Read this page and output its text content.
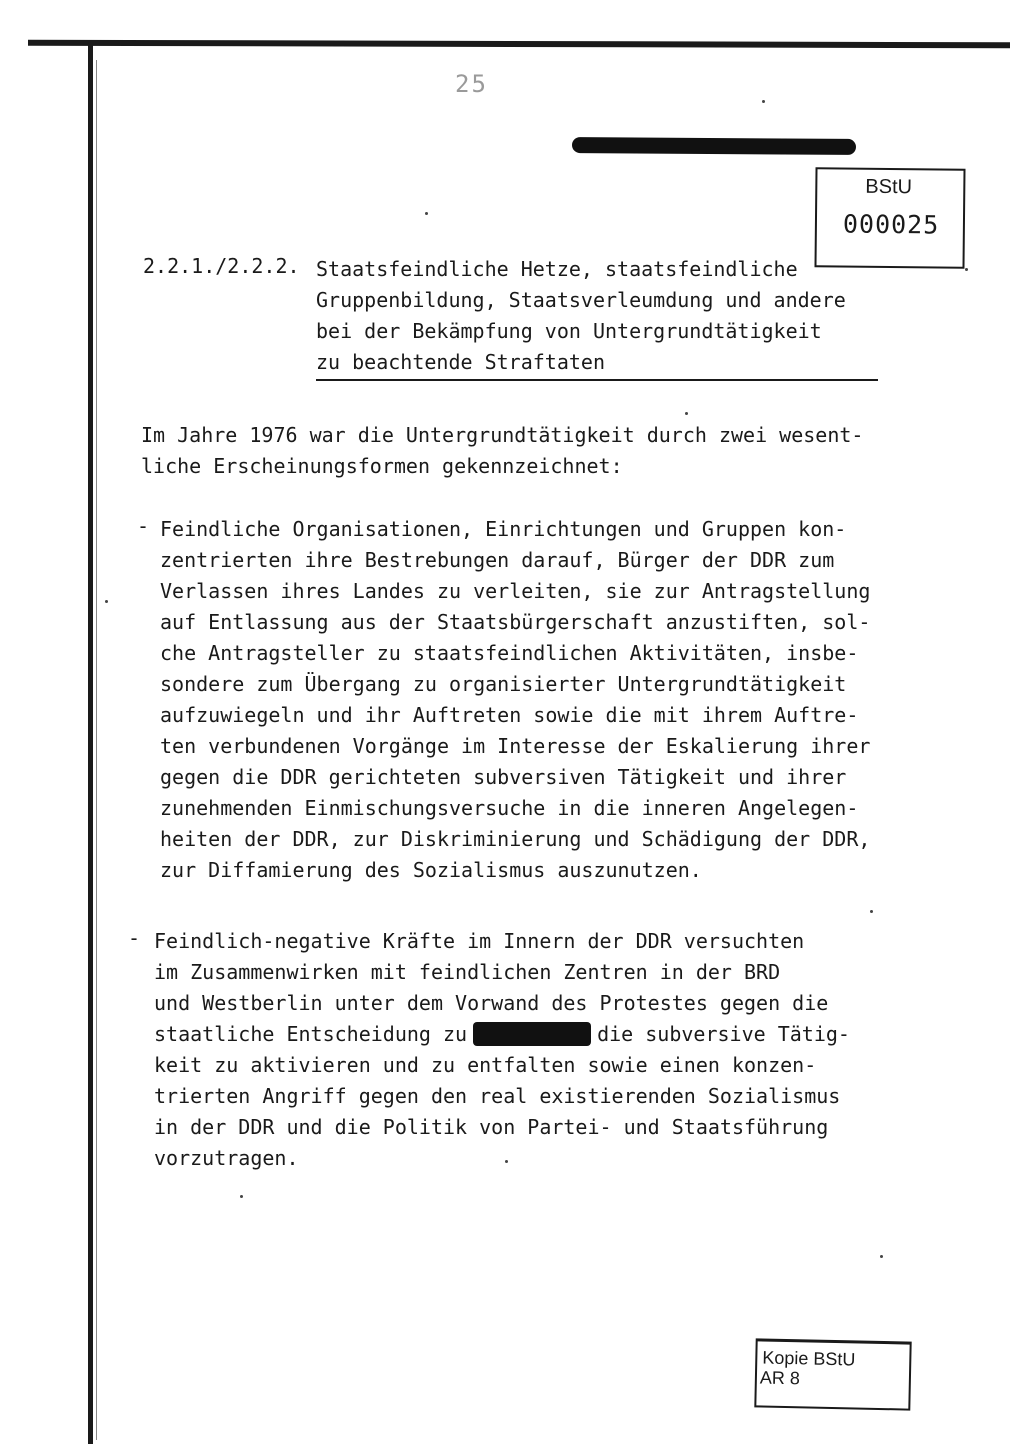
25
BStU
000025
2.2.1./2.2.2. Staatsfeindliche Hetze, staatsfeindliche
Gruppenbildung, Staatsverleumdung und andere
bei der Bekämpfung von Untergrundtätigkeit
zu beachtende Straftaten
Im Jahre 1976 war die Untergrundtätigkeit durch zwei wesent-
liche Erscheinungsformen gekennzeichnet:
- Feindliche Organisationen, Einrichtungen und Gruppen kon-
zentrierten ihre Bestrebungen darauf, Bürger der DDR zum
Verlassen ihres Landes zu verleiten, sie zur Antragstellung
auf Entlassung aus der Staatsbürgerschaft anzustiften, sol-
che Antragsteller zu staatsfeindlichen Aktivitäten, insbe-
sondere zum Übergang zu organisierter Untergrundtätigkeit
aufzuwiegeln und ihr Auftreten sowie die mit ihrem Auftre-
ten verbundenen Vorgänge im Interesse der Eskalierung ihrer
gegen die DDR gerichteten subversiven Tätigkeit und ihrer
zunehmenden Einmischungsversuche in die inneren Angelegen-
heiten der DDR, zur Diskriminierung und Schädigung der DDR,
zur Diffamierung des Sozialismus auszunutzen.
- Feindlich-negative Kräfte im Innern der DDR versuchten
im Zusammenwirken mit feindlichen Zentren in der BRD
und Westberlin unter dem Vorwand des Protestes gegen die
staatliche Entscheidung zu	die subversive Tätig-
keit zu aktivieren und zu entfalten sowie einen konzen-
trierten Angriff gegen den real existierenden Sozialismus
in der DDR und die Politik von Partei- und Staatsführung
vorzutragen.
Kopie BStU
AR 8
